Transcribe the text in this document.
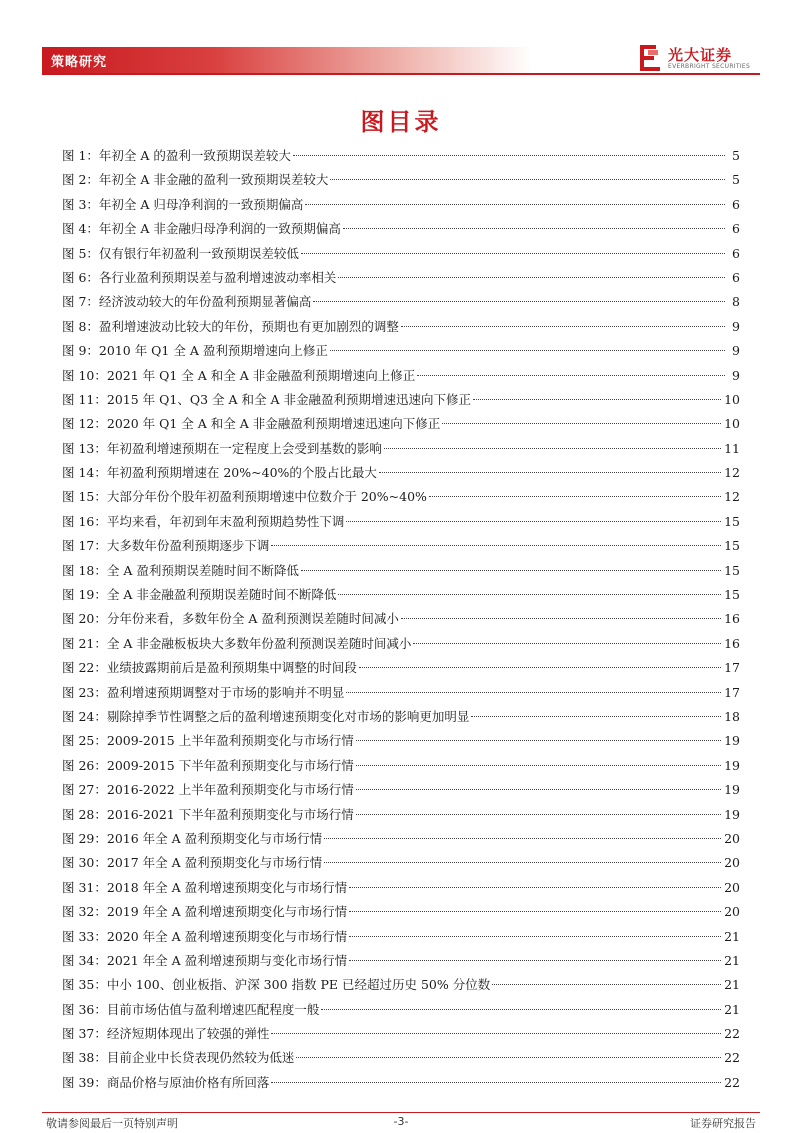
策略研究	光大证券
EVERBRIGHT SECURITIES
图目录
图 1：年初全 A 的盈利一致预期误差较大	5
图 2：年初全 A 非金融的盈利一致预期误差较大	5
图 3：年初全 A 归母净利润的一致预期偏高	6
图 4：年初全 A 非金融归母净利润的一致预期偏高	6
图 5：仅有银行年初盈利一致预期误差较低	6
图 6：各行业盈利预期误差与盈利增速波动率相关	6
图 7：经济波动较大的年份盈利预期显著偏高	8
图 8：盈利增速波动比较大的年份，预期也有更加剧烈的调整	9
图 9：2010 年 Q1 全 A 盈利预期增速向上修正	9
图 10：2021 年 Q1 全 A 和全 A 非金融盈利预期增速向上修正	9
图 11：2015 年 Q1、Q3 全 A 和全 A 非金融盈利预期增速迅速向下修正	10
图 12：2020 年 Q1 全 A 和全 A 非金融盈利预期增速迅速向下修正	10
图 13：年初盈利增速预期在一定程度上会受到基数的影响	11
图 14：年初盈利预期增速在 20%~40%的个股占比最大	12
图 15：大部分年份个股年初盈利预期增速中位数介于 20%~40%	12
图 16：平均来看，年初到年末盈利预期趋势性下调	15
图 17：大多数年份盈利预期逐步下调	15
图 18：全 A 盈利预期误差随时间不断降低	15
图 19：全 A 非金融盈利预期误差随时间不断降低	15
图 20：分年份来看，多数年份全 A 盈利预测误差随时间减小	16
图 21：全 A 非金融板板块大多数年份盈利预测误差随时间减小	16
图 22：业绩披露期前后是盈利预期集中调整的时间段	17
图 23：盈利增速预期调整对于市场的影响并不明显	17
图 24：剔除掉季节性调整之后的盈利增速预期变化对市场的影响更加明显	18
图 25：2009-2015 上半年盈利预期变化与市场行情	19
图 26：2009-2015 下半年盈利预期变化与市场行情	19
图 27：2016-2022 上半年盈利预期变化与市场行情	19
图 28：2016-2021 下半年盈利预期变化与市场行情	19
图 29：2016 年全 A 盈利预期变化与市场行情	20
图 30：2017 年全 A 盈利预期变化与市场行情	20
图 31：2018 年全 A 盈利增速预期变化与市场行情	20
图 32：2019 年全 A 盈利增速预期变化与市场行情	20
图 33：2020 年全 A 盈利增速预期变化与市场行情	21
图 34：2021 年全 A 盈利增速预期与变化市场行情	21
图 35：中小 100、创业板指、沪深 300 指数 PE 已经超过历史 50% 分位数	21
图 36：目前市场估值与盈利增速匹配程度一般	21
图 37：经济短期体现出了较强的弹性	22
图 38：目前企业中长贷表现仍然较为低迷	22
图 39：商品价格与原油价格有所回落	22
敬请参阅最后一页特别声明	-3-	证券研究报告
